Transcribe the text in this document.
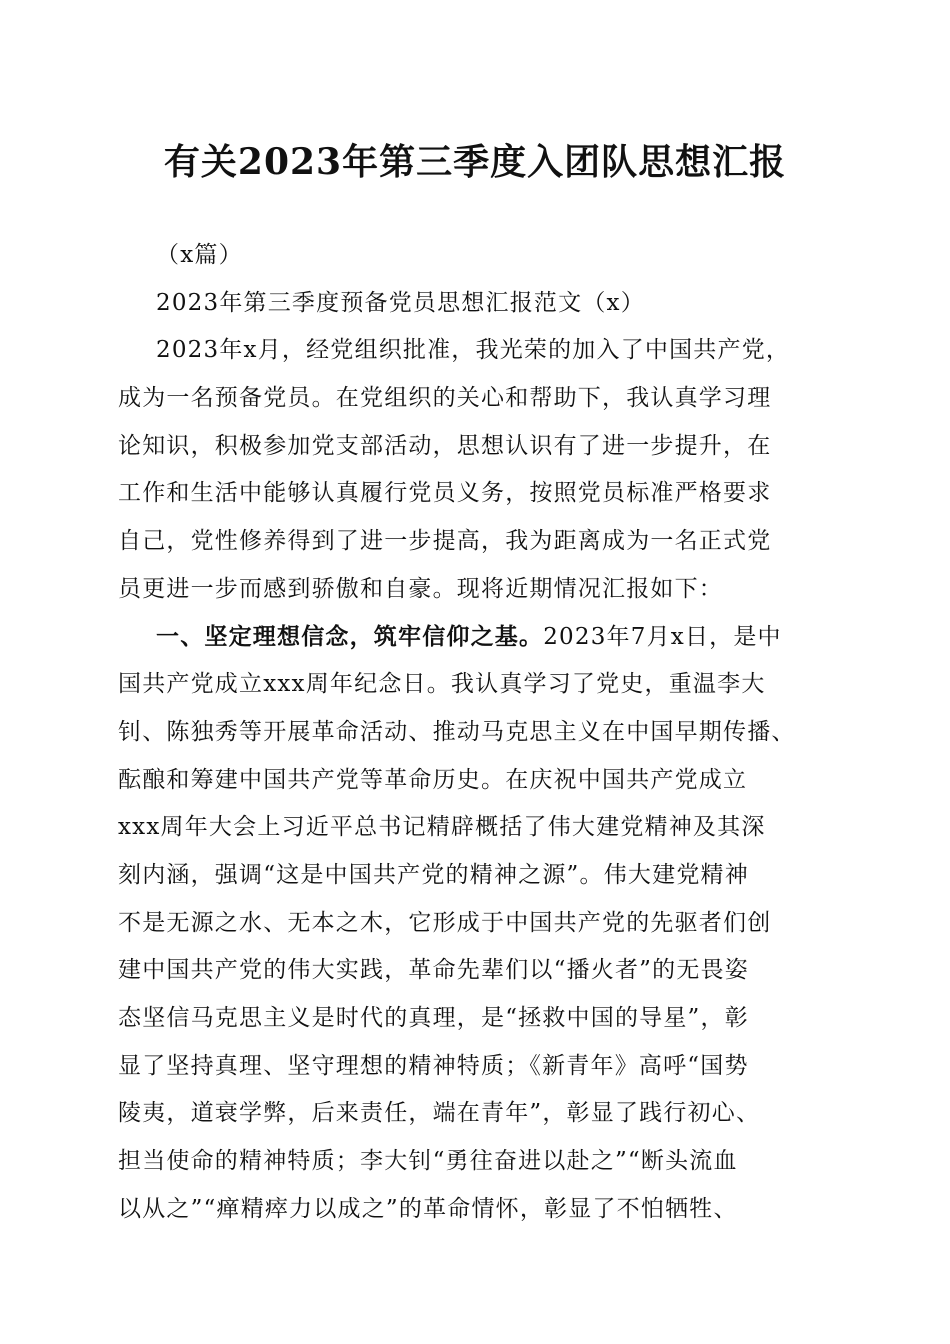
有关2023年第三季度入团队思想汇报
（x篇）
2023年第三季度预备党员思想汇报范文（x）
2023年x月，经党组织批准，我光荣的加入了中国共产党，
成为一名预备党员。在党组织的关心和帮助下，我认真学习理
论知识，积极参加党支部活动，思想认识有了进一步提升，在
工作和生活中能够认真履行党员义务，按照党员标准严格要求
自己，党性修养得到了进一步提高，我为距离成为一名正式党
员更进一步而感到骄傲和自豪。现将近期情况汇报如下：
一、坚定理想信念，筑牢信仰之基。2023年7月x日，是中
国共产党成立xxx周年纪念日。我认真学习了党史，重温李大
钊、陈独秀等开展革命活动、推动马克思主义在中国早期传播、
酝酿和筹建中国共产党等革命历史。在庆祝中国共产党成立
xxx周年大会上习近平总书记精辟概括了伟大建党精神及其深
刻内涵，强调“这是中国共产党的精神之源”。伟大建党精神
不是无源之水、无本之木，它形成于中国共产党的先驱者们创
建中国共产党的伟大实践，革命先辈们以“播火者”的无畏姿
态坚信马克思主义是时代的真理，是“拯救中国的导星”，彰
显了坚持真理、坚守理想的精神特质；《新青年》高呼“国势
陵夷，道衰学弊，后来责任，端在青年”，彰显了践行初心、
担当使命的精神特质；李大钊“勇往奋进以赴之”“断头流血
以从之”“瘅精瘁力以成之”的革命情怀，彰显了不怕牺牲、
